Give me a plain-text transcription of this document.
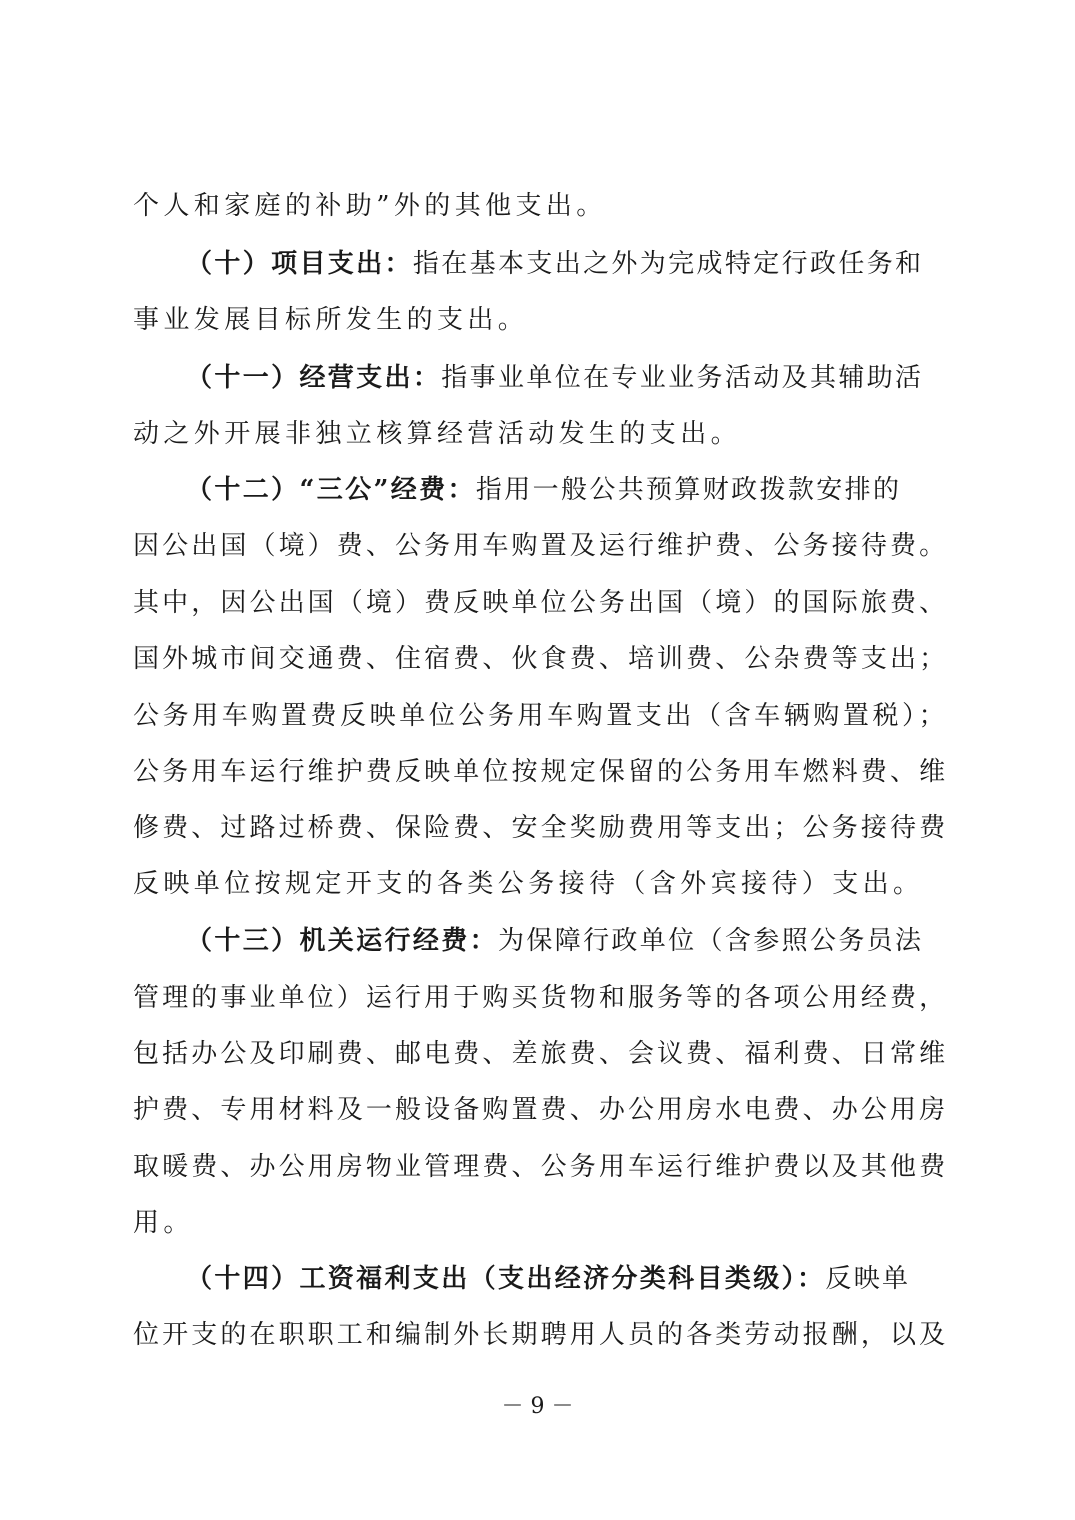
个人和家庭的补助”外的其他支出。
（十）项目支出：指在基本支出之外为完成特定行政任务和
事业发展目标所发生的支出。
（十一）经营支出：指事业单位在专业业务活动及其辅助活
动之外开展非独立核算经营活动发生的支出。
（十二）“三公”经费：指用一般公共预算财政拨款安排的
因公出国（境）费、公务用车购置及运行维护费、公务接待费。
其中，因公出国（境）费反映单位公务出国（境）的国际旅费、
国外城市间交通费、住宿费、伙食费、培训费、公杂费等支出；
公务用车购置费反映单位公务用车购置支出（含车辆购置税）；
公务用车运行维护费反映单位按规定保留的公务用车燃料费、维
修费、过路过桥费、保险费、安全奖励费用等支出；公务接待费
反映单位按规定开支的各类公务接待（含外宾接待）支出。
（十三）机关运行经费：为保障行政单位（含参照公务员法
管理的事业单位）运行用于购买货物和服务等的各项公用经费，
包括办公及印刷费、邮电费、差旅费、会议费、福利费、日常维
护费、专用材料及一般设备购置费、办公用房水电费、办公用房
取暖费、办公用房物业管理费、公务用车运行维护费以及其他费
用。
（十四）工资福利支出（支出经济分类科目类级）：反映单
位开支的在职职工和编制外长期聘用人员的各类劳动报酬，以及
－ 9 －
